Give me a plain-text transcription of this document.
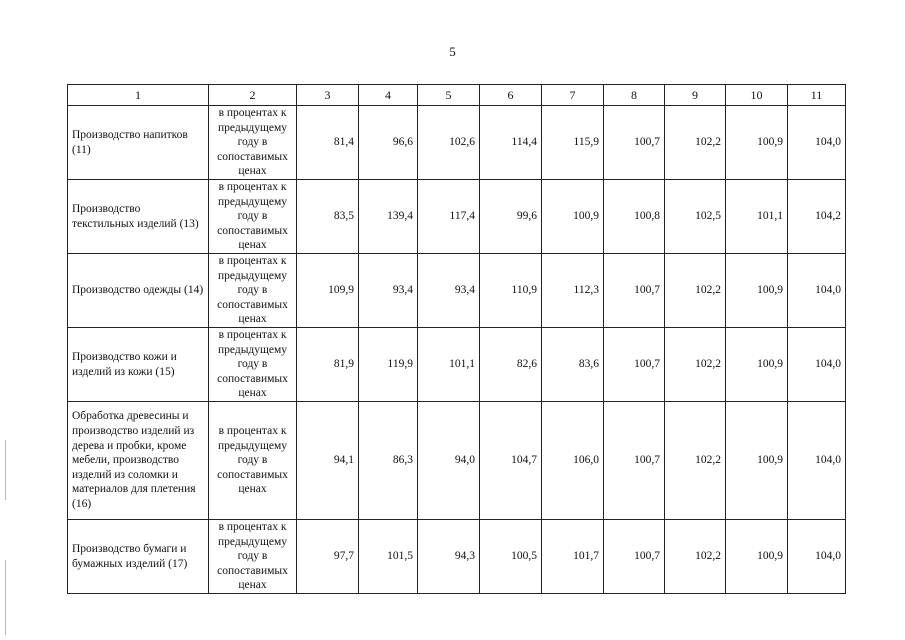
5
1	2	3	4	5	6	7	8	9	10	11
Производство напитков (11)	в процентах к предыдущему году в сопоставимых ценах	81,4	96,6	102,6	114,4	115,9	100,7	102,2	100,9	104,0
Производство текстильных изделий (13)	в процентах к предыдущему году в сопоставимых ценах	83,5	139,4	117,4	99,6	100,9	100,8	102,5	101,1	104,2
Производство одежды (14)	в процентах к предыдущему году в сопоставимых ценах	109,9	93,4	93,4	110,9	112,3	100,7	102,2	100,9	104,0
Производство кожи и изделий из кожи (15)	в процентах к предыдущему году в сопоставимых ценах	81,9	119,9	101,1	82,6	83,6	100,7	102,2	100,9	104,0
Обработка древесины и производство изделий из дерева и пробки, кроме мебели, производство изделий из соломки и материалов для плетения (16)	в процентах к предыдущему году в сопоставимых ценах	94,1	86,3	94,0	104,7	106,0	100,7	102,2	100,9	104,0
Производство бумаги и бумажных изделий (17)	в процентах к предыдущему году в сопоставимых ценах	97,7	101,5	94,3	100,5	101,7	100,7	102,2	100,9	104,0
